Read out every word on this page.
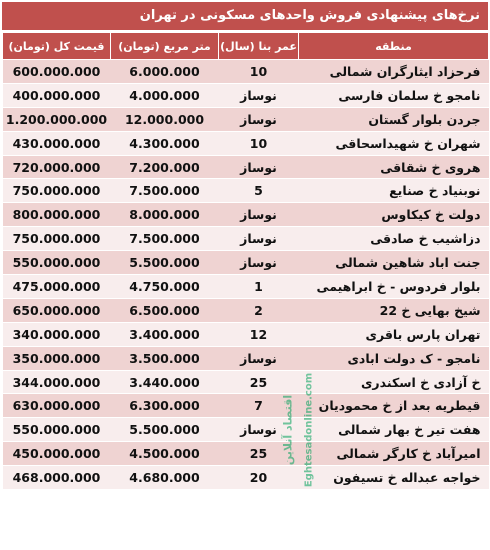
نرخ‌های پیشنهادی فروش واحدهای مسکونی در تهران
منطقه	عمر بنا (سال)	متر مربع (تومان)	قیمت کل (تومان)
فرحزاد ایثارگران شمالی	10	6.000.000	600.000.000
نامجو خ سلمان فارسی	نوساز	4.000.000	400.000.000
جردن بلوار گستان	نوساز	12.000.000	1.200.000.000
شهران خ شهیداسحاقی	10	4.300.000	430.000.000
هروی خ شقاقی	نوساز	7.200.000	720.000.000
نوبنیاد خ صنایع	5	7.500.000	750.000.000
دولت خ کیکاوس	نوساز	8.000.000	800.000.000
دزاشیب خ صادقی	نوساز	7.500.000	750.000.000
جنت اباد شاهین شمالی	نوساز	5.500.000	550.000.000
بلوار فردوس - خ ابراهیمی	1	4.750.000	475.000.000
شیخ بهایی خ 22	2	6.500.000	650.000.000
تهران پارس باقری	12	3.400.000	340.000.000
نامجو - ک دولت ابادی	نوساز	3.500.000	350.000.000
خ آزادی خ اسکندری	25	3.440.000	344.000.000
قیطریه بعد از خ محمودیان	7	6.300.000	630.000.000
هفت تیر خ بهار شمالی	نوساز	5.500.000	550.000.000
امیرآباد خ کارگر شمالی	25	4.500.000	450.000.000
خواجه عبداله خ تسیفون	20	4.680.000	468.000.000
اقتصاد آنلاین Eghtesadonline.com
